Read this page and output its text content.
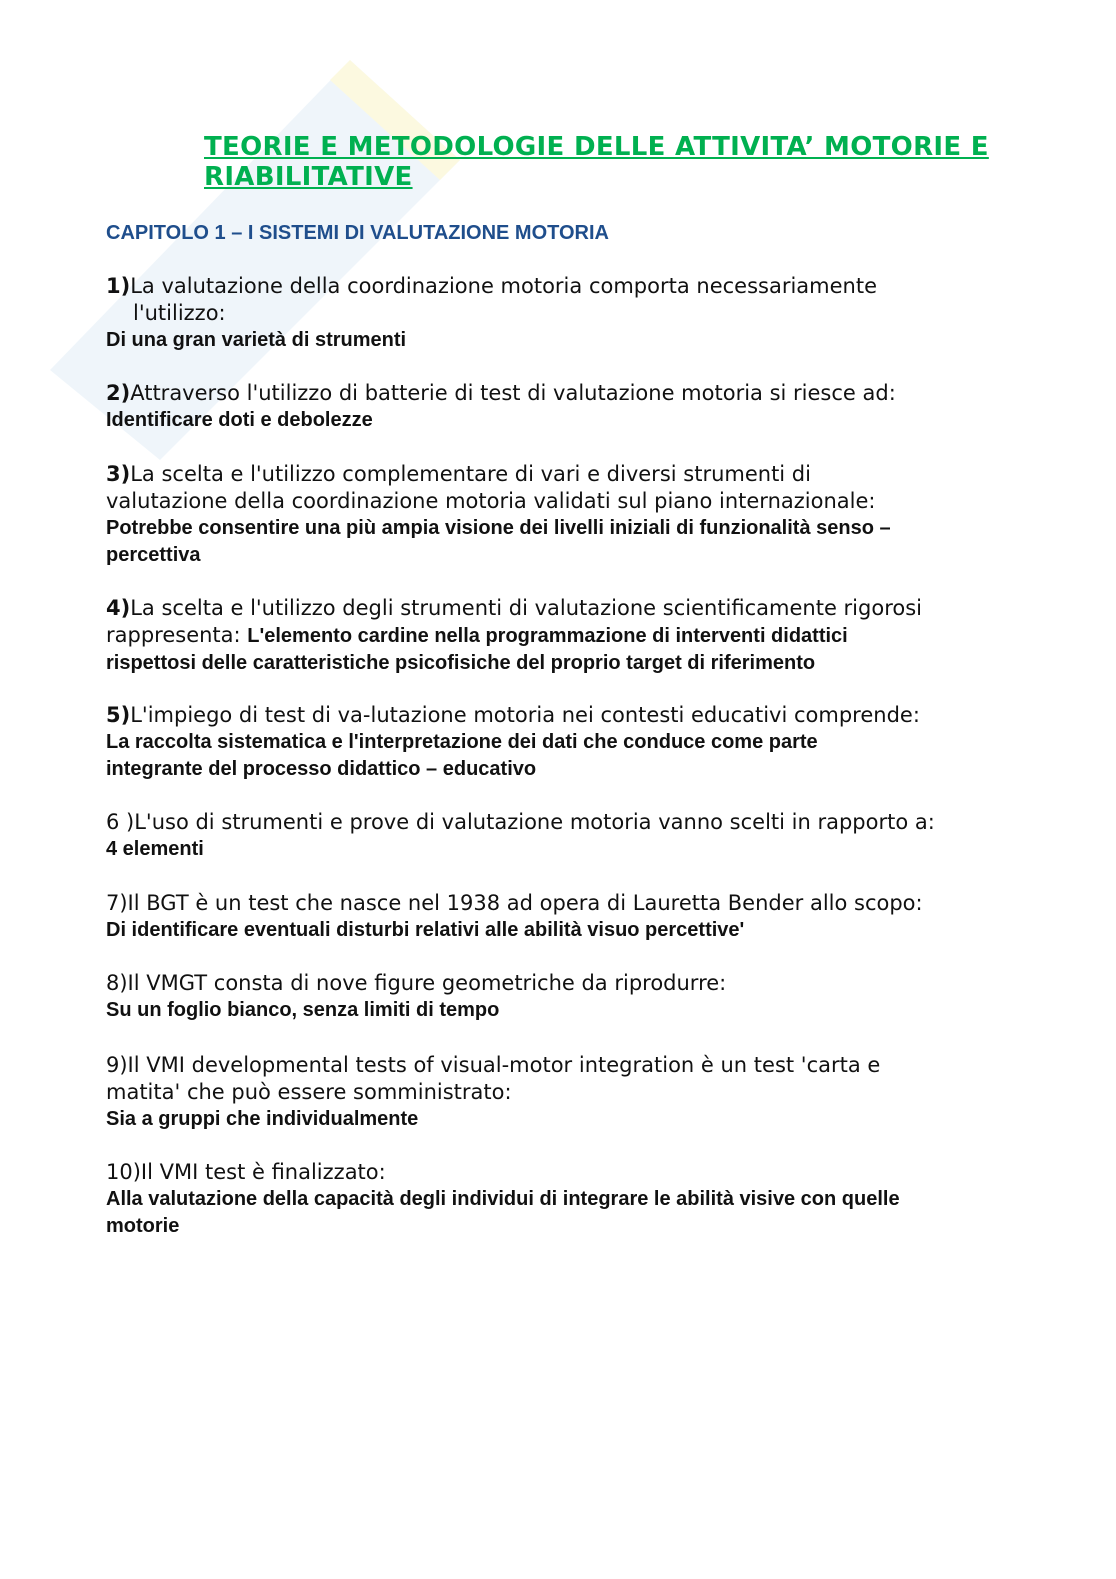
TEORIE E METODOLOGIE DELLE ATTIVITA’ MOTORIE E RIABILITATIVE
CAPITOLO 1 – I SISTEMI DI VALUTAZIONE MOTORIA
1)La valutazione della coordinazione motoria comporta necessariamente
l'utilizzo:
Di una gran varietà di strumenti
2)Attraverso l'utilizzo di batterie di test di valutazione motoria si riesce ad:
Identificare doti e debolezze
3)La scelta e l'utilizzo complementare di vari e diversi strumenti di
valutazione della coordinazione motoria validati sul piano internazionale:
Potrebbe consentire una più ampia visione dei livelli iniziali di funzionalità senso –
percettiva
4)La scelta e l'utilizzo degli strumenti di valutazione scientificamente rigorosi
rappresenta: L'elemento cardine nella programmazione di interventi didattici
rispettosi delle caratteristiche psicofisiche del proprio target di riferimento
5)L'impiego di test di va-lutazione motoria nei contesti educativi comprende:
La raccolta sistematica e l'interpretazione dei dati che conduce come parte
integrante del processo didattico – educativo
6 )L'uso di strumenti e prove di valutazione motoria vanno scelti in rapporto a:
4 elementi
7)Il BGT è un test che nasce nel 1938 ad opera di Lauretta Bender allo scopo:
Di identificare eventuali disturbi relativi alle abilità visuo percettive'
8)Il VMGT consta di nove figure geometriche da riprodurre:
Su un foglio bianco, senza limiti di tempo
9)Il VMI developmental tests of visual-motor integration è un test 'carta e
matita' che può essere somministrato:
Sia a gruppi che individualmente
10)Il VMI test è finalizzato:
Alla valutazione della capacità degli individui di integrare le abilità visive con quelle
motorie
